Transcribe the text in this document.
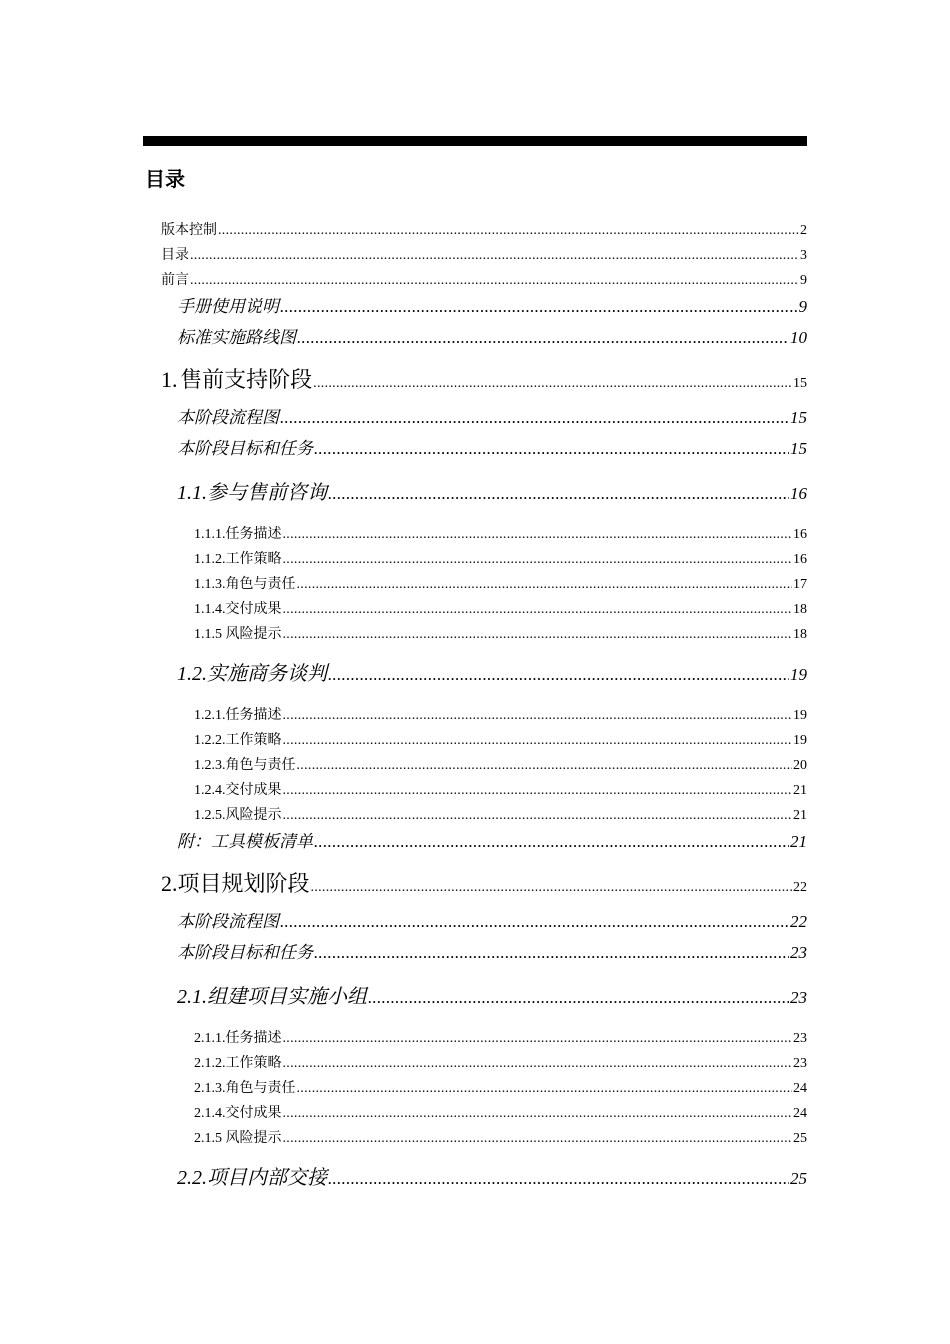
目录
版本控制 .....	2
目录 .....	3
前言 .....	9
手册使用说明 .....	9
标准实施路线图 .....	10
1. 售前支持阶段 .....	15
本阶段流程图 .....	15
本阶段目标和任务 .....	15
1.1. 参与售前咨询 .....	16
1.1.1.任务描述 .....	16
1.1.2.工作策略 .....	16
1.1.3.角色与责任 .....	17
1.1.4.交付成果 .....	18
1.1.5 风险提示 .....	18
1.2. 实施商务谈判 .....	19
1.2.1.任务描述 .....	19
1.2.2.工作策略 .....	19
1.2.3.角色与责任 .....	20
1.2.4.交付成果 .....	21
1.2.5.风险提示 .....	21
附：工具模板清单 .....	21
2.项目规划阶段 .....	22
本阶段流程图 .....	22
本阶段目标和任务 .....	23
2.1.组建项目实施小组 .....	23
2.1.1.任务描述 .....	23
2.1.2.工作策略 .....	23
2.1.3.角色与责任 .....	24
2.1.4.交付成果 .....	24
2.1.5 风险提示 .....	25
2.2.项目内部交接 .....	25
